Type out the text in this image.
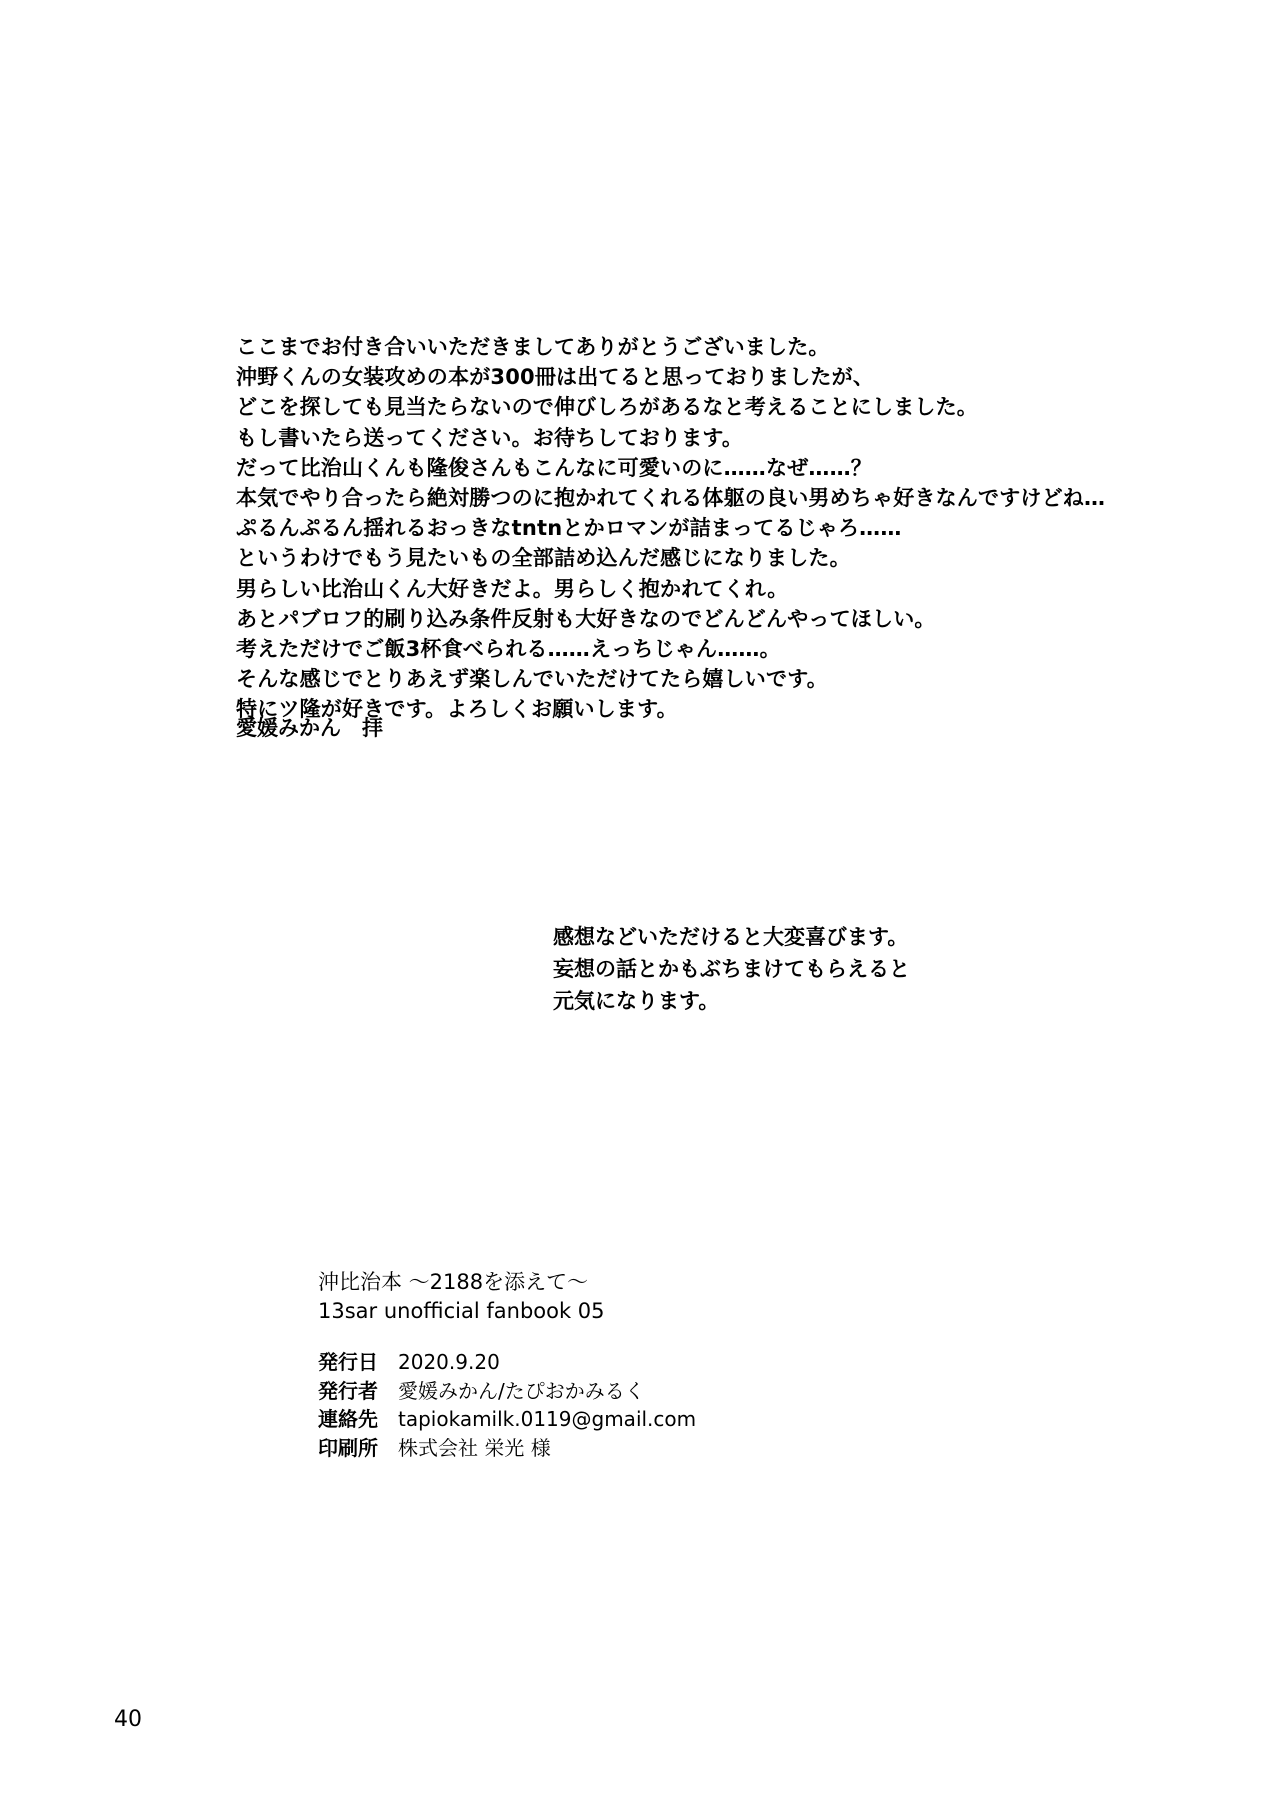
ここまでお付き合いいただきましてありがとうございました。
沖野くんの女装攻めの本が300冊は出てると思っておりましたが、
どこを探しても見当たらないので伸びしろがあるなと考えることにしました。
もし書いたら送ってください。お待ちしております。
だって比治山くんも隆俊さんもこんなに可愛いのに……なぜ……？
本気でやり合ったら絶対勝つのに抱かれてくれる体躯の良い男めちゃ好きなんですけどね…
ぷるんぷるん揺れるおっきなtntnとかロマンが詰まってるじゃろ……
というわけでもう見たいもの全部詰め込んだ感じになりました。
男らしい比治山くん大好きだよ。男らしく抱かれてくれ。
あとパブロフ的刷り込み条件反射も大好きなのでどんどんやってほしい。
考えただけでご飯3杯食べられる……えっちじゃん……。
そんな感じでとりあえず楽しんでいただけてたら嬉しいです。
特にツ隆が好きです。よろしくお願いします。
愛媛みかん　拝
感想などいただけると大変喜びます。
妄想の話とかもぶちまけてもらえると
元気になります。
沖比治本 〜2188を添えて〜
13sar unofficial fanbook 05
発行日 2020.9.20
発行者 愛媛みかん/たぴおかみるく
連絡先 tapiokamilk.0119@gmail.com
印刷所 株式会社 栄光 様
40
